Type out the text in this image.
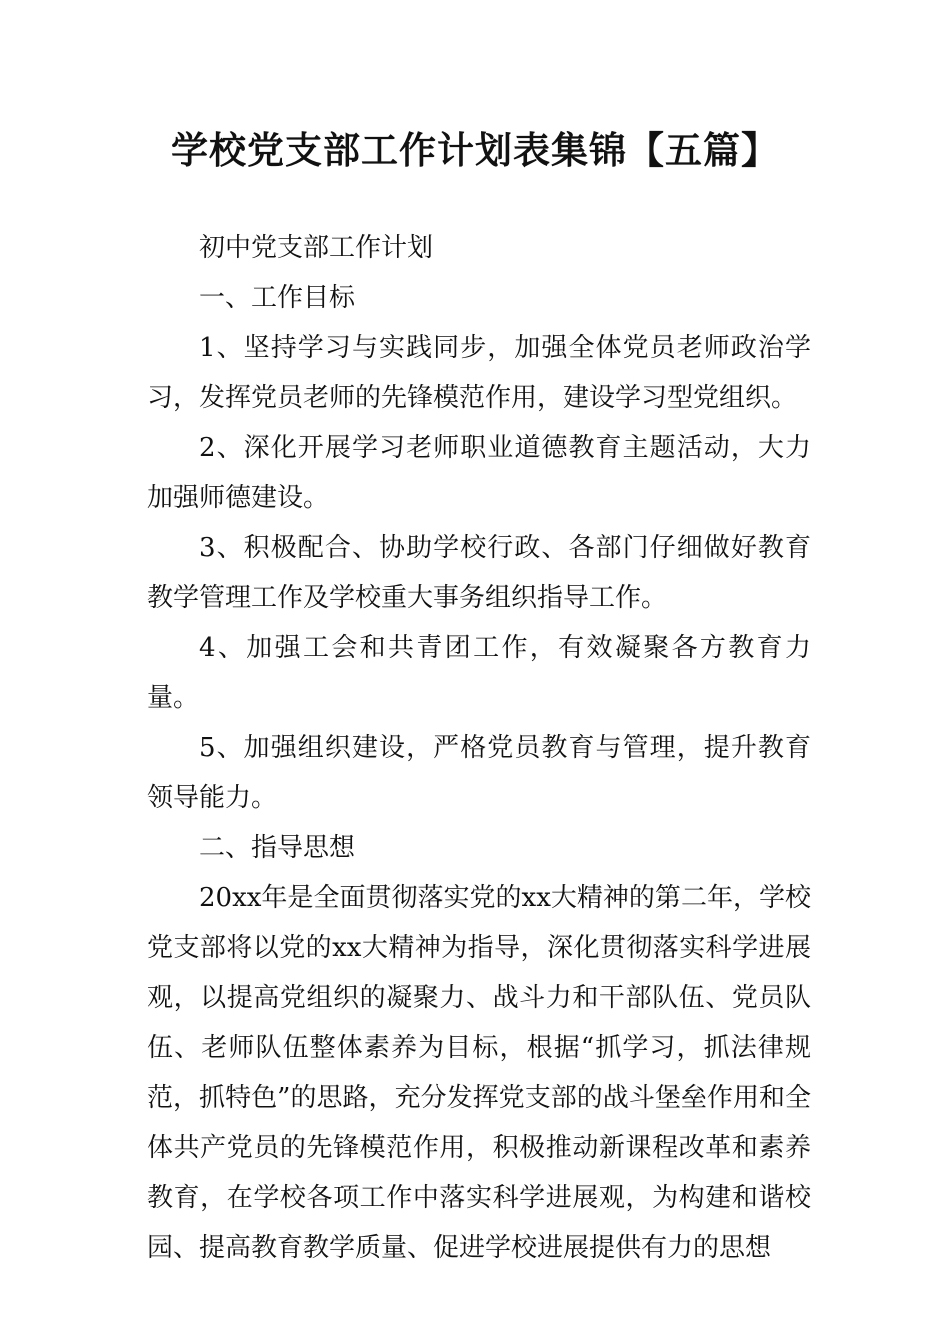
学校党支部工作计划表集锦【五篇】

初中党支部工作计划

一、工作目标

1、坚持学习与实践同步，加强全体党员老师政治学习，发挥党员老师的先锋模范作用，建设学习型党组织。

2、深化开展学习老师职业道德教育主题活动，大力加强师德建设。

3、积极配合、协助学校行政、各部门仔细做好教育教学管理工作及学校重大事务组织指导工作。

4、加强工会和共青团工作，有效凝聚各方教育力量。

5、加强组织建设，严格党员教育与管理，提升教育领导能力。

二、指导思想

20xx年是全面贯彻落实党的xx大精神的第二年，学校党支部将以党的xx大精神为指导，深化贯彻落实科学进展观，以提高党组织的凝聚力、战斗力和干部队伍、党员队伍、老师队伍整体素养为目标，根据“抓学习，抓法律规范，抓特色”的思路，充分发挥党支部的战斗堡垒作用和全体共产党员的先锋模范作用，积极推动新课程改革和素养教育，在学校各项工作中落实科学进展观，为构建和谐校园、提高教育教学质量、促进学校进展提供有力的思想
